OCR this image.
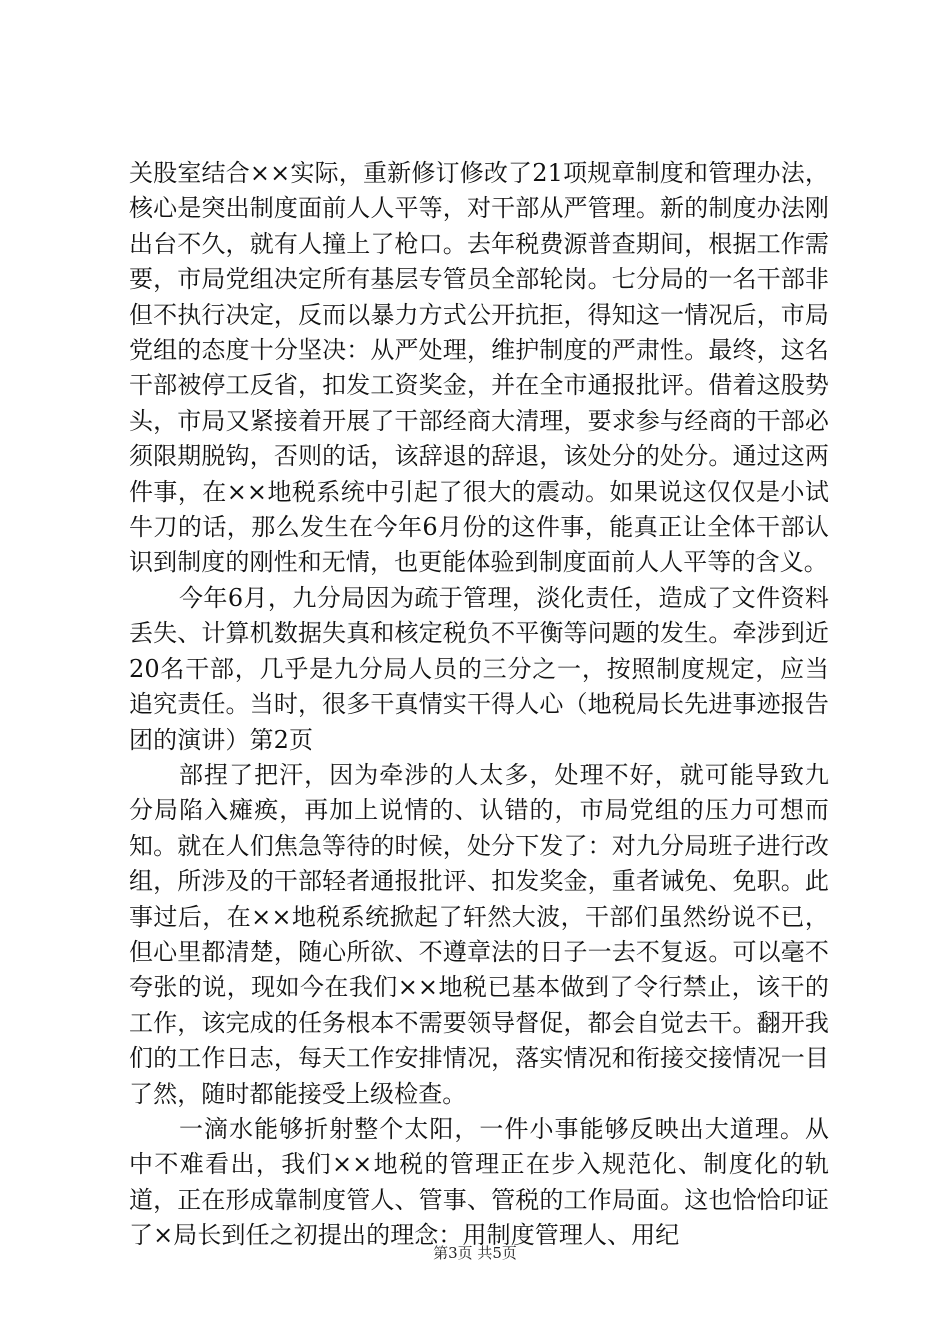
关股室结合××实际，重新修订修改了21项规章制度和管理办法，核心是突出制度面前人人平等，对干部从严管理。新的制度办法刚出台不久，就有人撞上了枪口。去年税费源普查期间，根据工作需要，市局党组决定所有基层专管员全部轮岗。七分局的一名干部非但不执行决定，反而以暴力方式公开抗拒，得知这一情况后，市局党组的态度十分坚决：从严处理，维护制度的严肃性。最终，这名干部被停工反省，扣发工资奖金，并在全市通报批评。借着这股势头，市局又紧接着开展了干部经商大清理，要求参与经商的干部必须限期脱钩，否则的话，该辞退的辞退，该处分的处分。通过这两件事，在××地税系统中引起了很大的震动。如果说这仅仅是小试牛刀的话，那么发生在今年6月份的这件事，能真正让全体干部认识到制度的刚性和无情，也更能体验到制度面前人人平等的含义。

今年6月，九分局因为疏于管理，淡化责任，造成了文件资料丢失、计算机数据失真和核定税负不平衡等问题的发生。牵涉到近20名干部，几乎是九分局人员的三分之一，按照制度规定，应当追究责任。当时，很多干真情实干得人心（地税局长先进事迹报告团的演讲）第2页

部捏了把汗，因为牵涉的人太多，处理不好，就可能导致九分局陷入瘫痪，再加上说情的、认错的，市局党组的压力可想而知。就在人们焦急等待的时候，处分下发了：对九分局班子进行改组，所涉及的干部轻者通报批评、扣发奖金，重者诫免、免职。此事过后，在××地税系统掀起了轩然大波，干部们虽然纷说不已，但心里都清楚，随心所欲、不遵章法的日子一去不复返。可以毫不夸张的说，现如今在我们××地税已基本做到了令行禁止，该干的工作，该完成的任务根本不需要领导督促，都会自觉去干。翻开我们的工作日志，每天工作安排情况，落实情况和衔接交接情况一目了然，随时都能接受上级检查。

一滴水能够折射整个太阳，一件小事能够反映出大道理。从中不难看出，我们××地税的管理正在步入规范化、制度化的轨道，正在形成靠制度管人、管事、管税的工作局面。这也恰恰印证了×局长到任之初提出的理念：用制度管理人、用纪

第3页 共5页
